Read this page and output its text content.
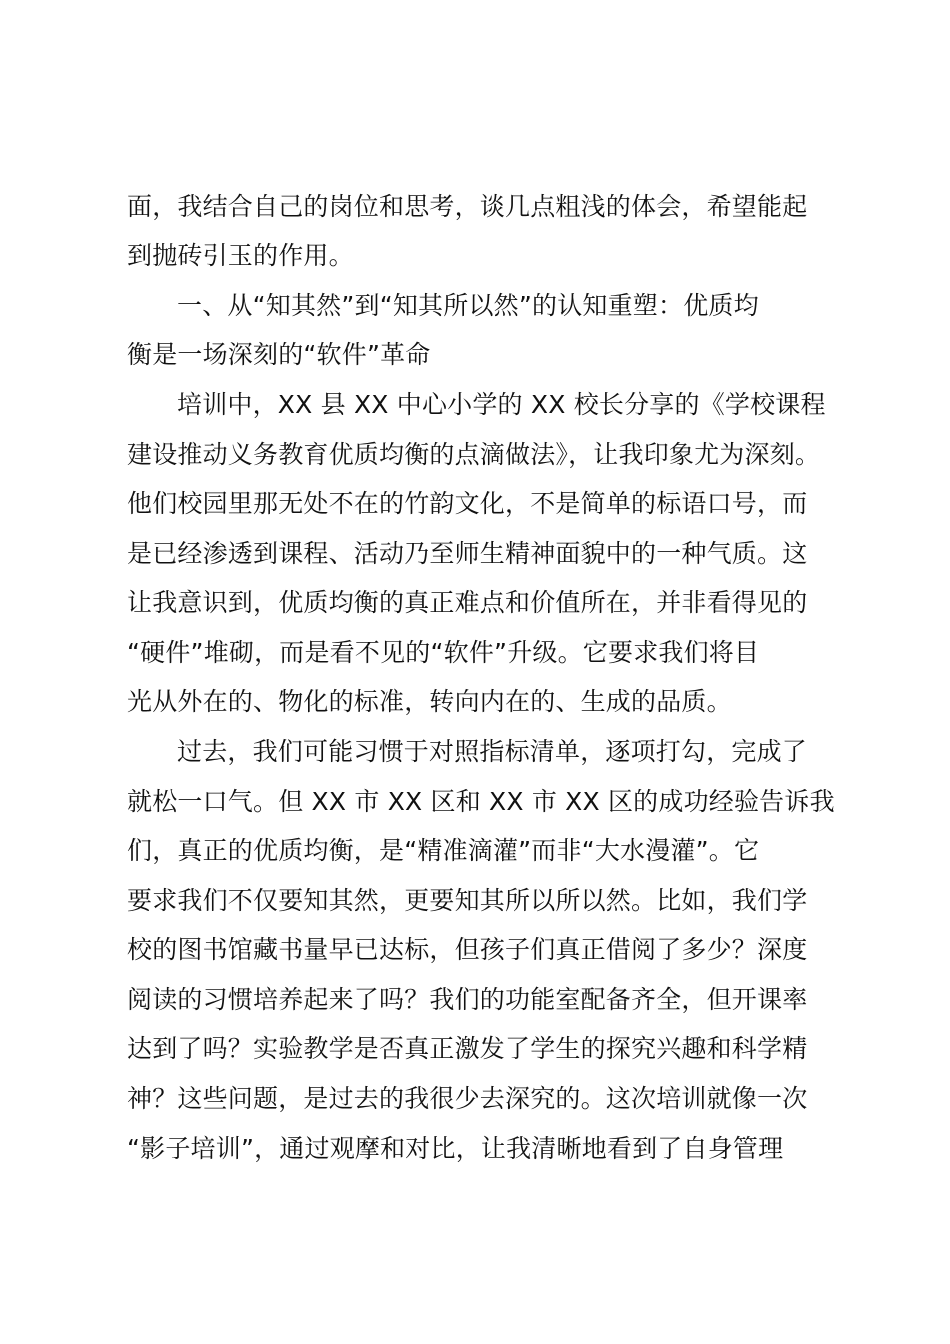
面，我结合自己的岗位和思考，谈几点粗浅的体会，希望能起
到抛砖引玉的作用。
一、从“知其然”到“知其所以然”的认知重塑：优质均
衡是一场深刻的“软件”革命
培训中，XX 县 XX 中心小学的 XX 校长分享的《学校课程
建设推动义务教育优质均衡的点滴做法》，让我印象尤为深刻。
他们校园里那无处不在的竹韵文化，不是简单的标语口号，而
是已经渗透到课程、活动乃至师生精神面貌中的一种气质。这
让我意识到，优质均衡的真正难点和价值所在，并非看得见的
“硬件”堆砌，而是看不见的“软件”升级。它要求我们将目
光从外在的、物化的标准，转向内在的、生成的品质。
过去，我们可能习惯于对照指标清单，逐项打勾，完成了
就松一口气。但 XX 市 XX 区和 XX 市 XX 区的成功经验告诉我
们，真正的优质均衡，是“精准滴灌”而非“大水漫灌”。它
要求我们不仅要知其然，更要知其所以所以然。比如，我们学
校的图书馆藏书量早已达标，但孩子们真正借阅了多少？深度
阅读的习惯培养起来了吗？我们的功能室配备齐全，但开课率
达到了吗？实验教学是否真正激发了学生的探究兴趣和科学精
神？这些问题，是过去的我很少去深究的。这次培训就像一次
“影子培训”，通过观摩和对比，让我清晰地看到了自身管理
